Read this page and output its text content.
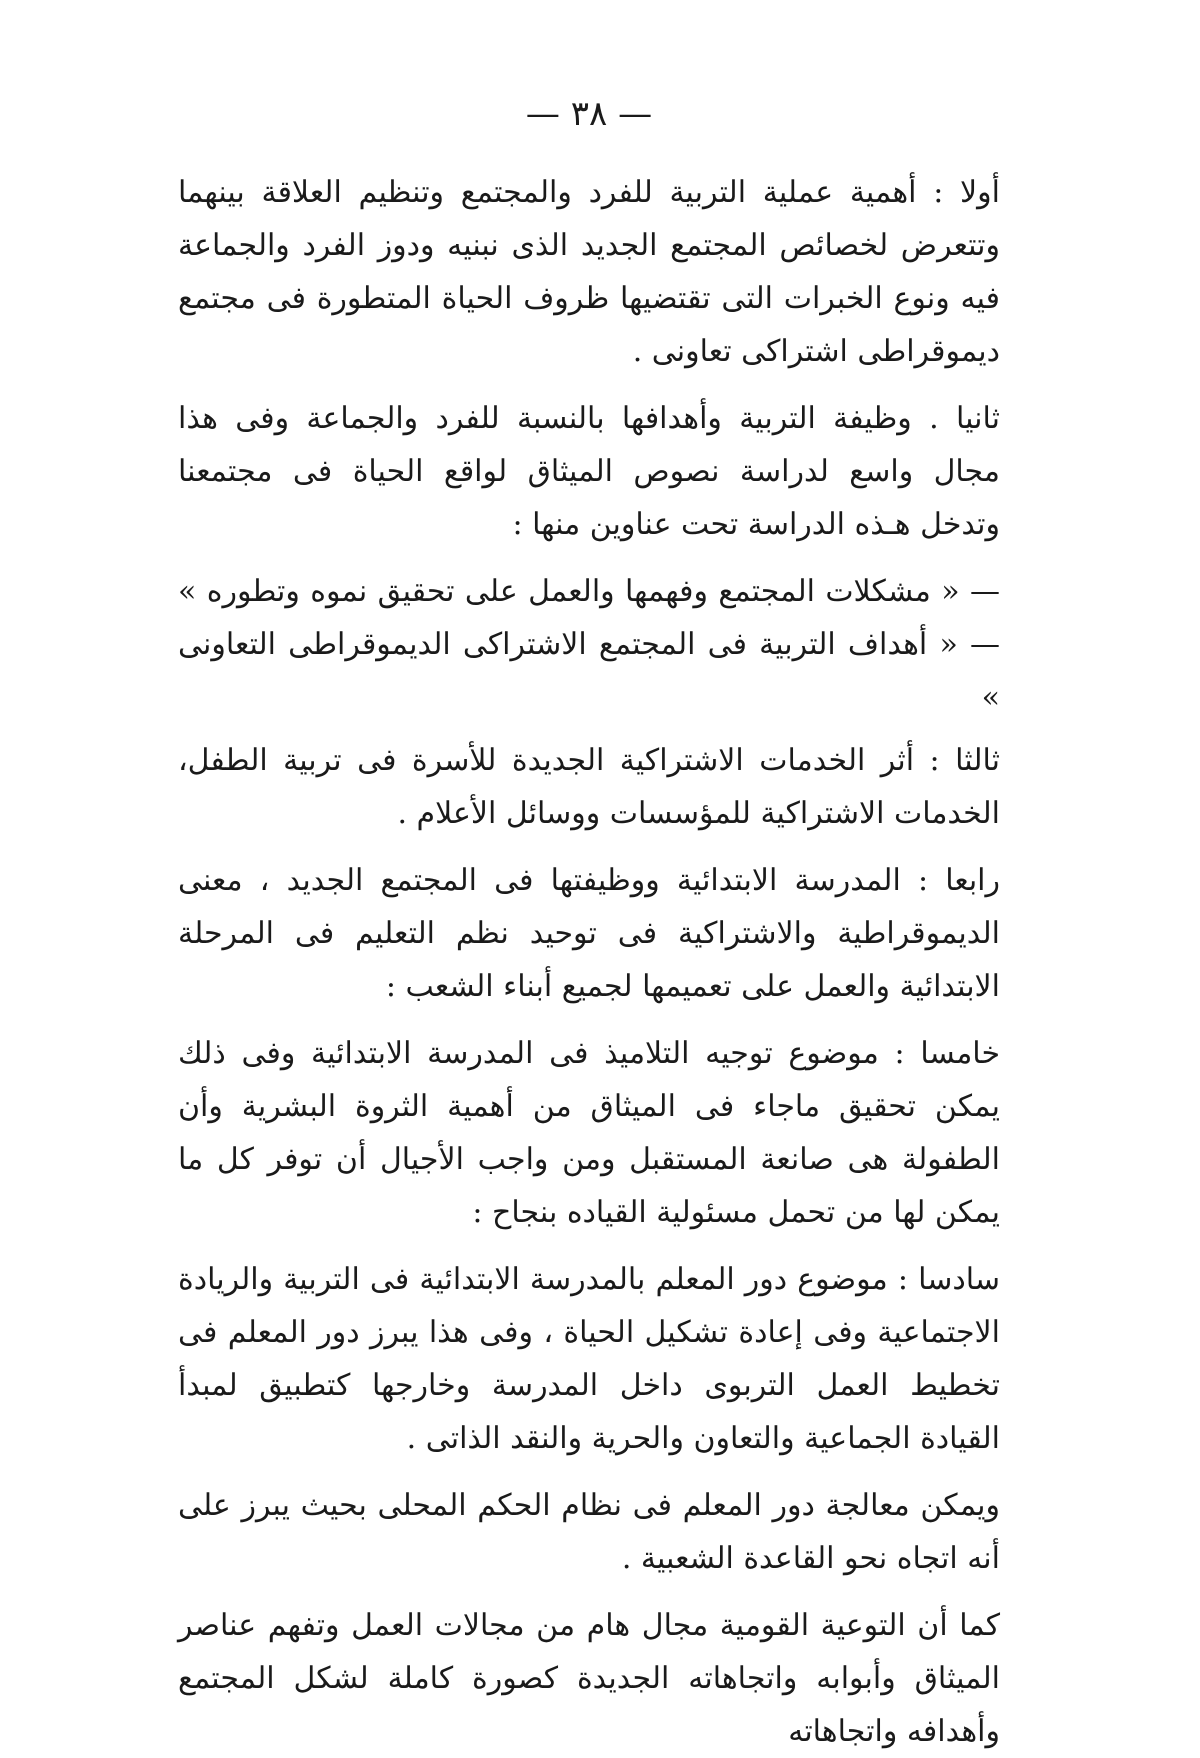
— ٣٨ —

أولا : أهمية عملية التربية للفرد والمجتمع وتنظيم العلاقة بينهما وتتعرض لخصائص المجتمع الجديد الذى نبنيه ودوز الفرد والجماعة فيه ونوع الخبرات التى تقتضيها ظروف الحياة المتطورة فى مجتمع ديموقراطى اشتراكى تعاونى .

ثانيا . وظيفة التربية وأهدافها بالنسبة للفرد والجماعة وفى هذا مجال واسع لدراسة نصوص الميثاق لواقع الحياة فى مجتمعنا وتدخل هـذه الدراسة تحت عناوين منها :

— « مشكلات المجتمع وفهمها والعمل على تحقيق نموه وتطوره » — « أهداف التربية فى المجتمع الاشتراكى الديموقراطى التعاونى »

ثالثا : أثر الخدمات الاشتراكية الجديدة للأسرة فى تربية الطفل، الخدمات الاشتراكية للمؤسسات ووسائل الأعلام .

رابعا : المدرسة الابتدائية ووظيفتها فى المجتمع الجديد ، معنى الديموقراطية والاشتراكية فى توحيد نظم التعليم فى المرحلة الابتدائية والعمل على تعميمها لجميع أبناء الشعب :

خامسا : موضوع توجيه التلاميذ فى المدرسة الابتدائية وفى ذلك يمكن تحقيق ماجاء فى الميثاق من أهمية الثروة البشرية وأن الطفولة هى صانعة المستقبل ومن واجب الأجيال أن توفر كل ما يمكن لها من تحمل مسئولية القياده بنجاح :

سادسا : موضوع دور المعلم بالمدرسة الابتدائية فى التربية والريادة الاجتماعية وفى إعادة تشكيل الحياة ، وفى هذا يبرز دور المعلم فى تخطيط العمل التربوى داخل المدرسة وخارجها كتطبيق لمبدأ القيادة الجماعية والتعاون والحرية والنقد الذاتى .

ويمكن معالجة دور المعلم فى نظام الحكم المحلى بحيث يبرز على أنه اتجاه نحو القاعدة الشعبية .

كما أن التوعية القومية مجال هام من مجالات العمل وتفهم عناصر الميثاق وأبوابه واتجاهاته الجديدة كصورة كاملة لشكل المجتمع وأهدافه واتجاهاته
